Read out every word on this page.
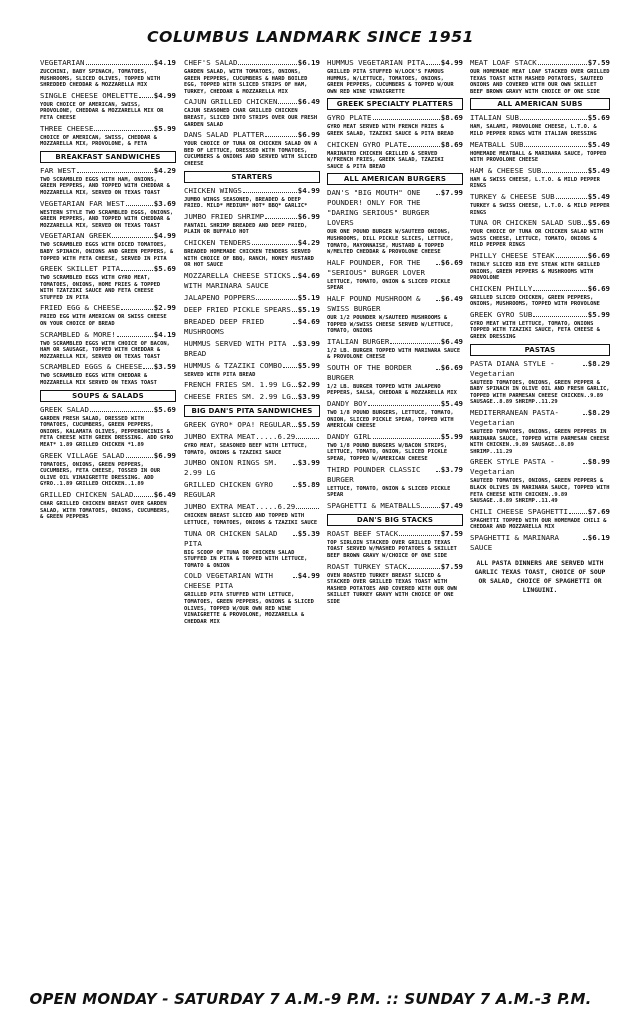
COLUMBUS LANDMARK SINCE 1951
VEGETARIAN	$4.19
ZUCCHINI, BABY SPINACH, TOMATOES, MUSHROOMS, SLICED OLIVES, TOPPED WITH SHREDDED CHEDDAR & MOZZARELLA MIX
SINGLE CHEESE OMELETTE $4.99
YOUR CHOICE OF AMERICAN, SWISS, PROVOLONE, CHEDDAR & MOZZARELLA MIX OR FETA CHEESE
THREE CHEESE	$5.99
CHOICE OF AMERICAN, SWISS, CHEDDAR & MOZZARELLA MIX, PROVOLONE, & FETA
BREAKFAST SANDWICHES
FAR WEST	$4.29
TWO SCRAMBLED EGGS WITH HAM, ONIONS, GREEN PEPPERS, AND TOPPED WITH CHEDDAR & MOZZARELLA MIX, SERVED ON TEXAS TOAST
VEGETARIAN FAR WEST	$3.69
WESTERN STYLE TWO SCRAMBLED EGGS, ONIONS, GREEN PEPPERS, AND TOPPED WITH CHEDDAR & MOZZARELLA MIX, SERVED ON TEXAS TOAST
VEGETARIAN GREEK	$4.99
TWO SCRAMBLED EGGS WITH DICED TOMATOES, BABY SPINACH, ONIONS AND GREEN PEPPERS, & TOPPED WITH FETA CHEESE, SERVED IN PITA
GREEK SKILLET PITA	$5.69
TWO SCRAMBLED EGGS WITH GYRO MEAT, TOMATOES, ONIONS, HOME FRIES & TOPPED WITH TZATZIKI SAUCE AND FETA CHEESE STUFFED IN PITA
FRIED EGG & CHEESE	$2.99
FRIED EGG WITH AMERICAN OR SWISS CHEESE ON YOUR CHOICE OF BREAD
SCRAMBLED & MORE!	$4.19
TWO SCRAMBLED EGGS WITH CHOICE OF BACON, HAM OR SAUSAGE, TOPPED WITH CHEDDAR & MOZZARELLA MIX, SERVED ON TEXAS TOAST
SCRAMBLED EGGS & CHEESE $3.59
TWO SCRAMBLED EGGS WITH CHEDDAR & MOZZARELLA MIX SERVED ON TEXAS TOAST
SOUPS & SALADS
GREEK SALAD	$5.69
GARDEN FRESH SALAD, DRESSED WITH TOMATOES, CUCUMBERS, GREEN PEPPERS, ONIONS, KALAMATA OLIVES, PEPPERONCINIS & FETA CHEESE WITH GREEK DRESSING. ADD GYRO MEAT* 1.89 GRILLED CHICKEN *1.89
GREEK VILLAGE SALAD	$6.99
TOMATOES, ONIONS, GREEN PEPPERS, CUCUMBERS, FETA CHEESE, TOSSED IN OUR OLIVE OIL VINAIGRETTE DRESSING. ADD GYRO..1.89 GRILLED CHICKEN..1.89
GRILLED CHICKEN SALAD	$6.49
CHAR GRILLED CHICKEN BREAST OVER GARDEN SALAD, WITH TOMATOES, ONIONS, CUCUMBERS, & GREEN PEPPERS
CHEF'S SALAD	$6.19
GARDEN SALAD, WITH TOMATOES, ONIONS, GREEN PEPPERS, CUCUMBERS & HARD BOILED EGG, TOPPED WITH SLICED STRIPS OF HAM, TURKEY, CHEDDAR & MOZZARELLA MIX
CAJUN GRILLED CHICKEN	$6.49
CAJUN SEASONED CHAR GRILLED CHICKEN BREAST, SLICED INTO STRIPS OVER OUR FRESH GARDEN SALAD
DANS SALAD PLATTER	$6.99
YOUR CHOICE OF TUNA OR CHICKEN SALAD ON A BED OF LETTUCE, DRESSED WITH TOMATOES, CUCUMBERS & ONIONS AND SERVED WITH SLICED CHEESE
STARTERS
CHICKEN WINGS	$4.99
JUMBO WINGS SEASONED, BREADED & DEEP FRIED. MILD* MEDIUM* HOT* BBQ* GARLIC*
JUMBO FRIED SHRIMP	$6.99
FANTAIL SHRIMP BREADED AND DEEP FRIED, PLAIN OR BUFFALO HOT
CHICKEN TENDERS	$4.29
BREADED HOMEMADE CHICKEN TENDERS SERVED WITH CHOICE OF BBQ, RANCH, HONEY MUSTARD OR HOT SAUCE
MOZZARELLA CHEESE STICKS WITH MARINARA SAUCE
$4.69
JALAPENO POPPERS	$5.19
DEEP FRIED PICKLE SPEARS $5.19
BREADED DEEP FRIED MUSHROOMS
$4.69
HUMMUS SERVED WITH PITA BREAD
$3.99
HUMMUS & TZAZIKI COMBO $5.99
SERVED WITH PITA BREAD
FRENCH FRIES SM. 1.99 LG $2.99
CHEESE FRIES SM. 2.99 LG $3.99
BIG DAN'S PITA SANDWICHES
GREEK GYRO* OPA! REGULAR $5.59
JUMBO EXTRA MEAT.....6.29
GYRO MEAT, SEASONED BEEF WITH LETTUCE, TOMATO, ONIONS & TZAZIKI SAUCE
JUMBO ONION RINGS SM. 2.99 LG
$3.99
GRILLED CHICKEN GYRO REGULAR
$5.89
JUMBO EXTRA MEAT.....6.29
CHICKEN BREAST SLICED AND TOPPED WITH LETTUCE, TOMATOES, ONIONS & TZAZIKI SAUCE
TUNA OR CHICKEN SALAD PITA
$5.39
BIG SCOOP OF TUNA OR CHICKEN SALAD STUFFED IN PITA & TOPPED WITH LETTUCE, TOMATO & ONION
COLD VEGETARIAN WITH CHEESE PITA
$4.99
GRILLED PITA STUFFED WITH LETTUCE, TOMATOES, GREEN PEPPERS, ONIONS & SLICED OLIVES, TOPPED W/OUR OWN RED WINE VINAIGRETTE & PROVOLONE, MOZZARELLA & CHEDDAR MIX
HUMMUS VEGETARIAN PITA $4.99
GRILLED PITA STUFFED W/LOCK'S FAMOUS HUMMUS, W/LETTUCE, TOMATOES, ONIONS, GREEN PEPPERS, CUCUMBERS & TOPPED W/OUR OWN RED WINE VINAIGRETTE
GREEK SPECIALTY PLATTERS
GYRO PLATE	$8.69
GYRO MEAT SERVED WITH FRENCH FRIES & GREEK SALAD, TZAZIKI SAUCE & PITA BREAD
CHICKEN GYRO PLATE	$8.69
MARINATED CHICKEN GRILLED & SERVED W/FRENCH FRIES, GREEK SALAD, TZAZIKI SAUCE & PITA BREAD
ALL AMERICAN BURGERS
DAN'S "BIG MOUTH" ONE POUNDER! ONLY FOR THE "DARING SERIOUS" BURGER LOVERS
$7.99
OUR ONE POUND BURGER W/SAUTEED ONIONS, MUSHROOMS, DILL PICKLE SLICES, LETTUCE, TOMATO, MAYONNAISE, MUSTARD & TOPPED W/MELTED CHEDDAR & PROVOLONE CHEESE
HALF POUNDER, FOR THE "SERIOUS" BURGER LOVER
$6.69
LETTUCE, TOMATO, ONION & SLICED PICKLE SPEAR
HALF POUND MUSHROOM & SWISS BURGER
$6.49
OUR 1/2 POUNDER W/SAUTEED MUSHROOMS & TOPPED W/SWISS CHEESE SERVED W/LETTUCE, TOMATO, ONIONS
ITALIAN BURGER	$6.49
1/2 LB. BURGER TOPPED WITH MARINARA SAUCE & PROVOLONE CHEESE
SOUTH OF THE BORDER BURGER
$6.69
1/2 LB. BURGER TOPPED WITH JALAPENO PEPPERS, SALSA, CHEDDAR & MOZZARELLA MIX
DANDY BOY	$5.49
TWO 1/8 POUND BURGERS, LETTUCE, TOMATO, ONION, SLICED PICKLE SPEAR, TOPPED WITH AMERICAN CHEESE
DANDY GIRL	$5.99
TWO 1/8 POUND BURGERS W/BACON STRIPS, LETTUCE, TOMATO, ONION, SLICED PICKLE SPEAR, TOPPED W/AMERICAN CHEESE
THIRD POUNDER CLASSIC BURGER
$3.79
LETTUCE, TOMATO, ONION & SLICED PICKLE SPEAR
SPAGHETTI & MEATBALLS	$7.49
DAN'S BIG STACKS
ROAST BEEF STACK	$7.59
TOP SIRLOIN STACKED OVER GRILLED TEXAS TOAST SERVED W/MASHED POTATOES & SKILLET BEEF BROWN GRAVY W/CHOICE OF ONE SIDE
ROAST TURKEY STACK	$7.59
OVEN ROASTED TURKEY BREAST SLICED & STACKED OVER GRILLED TEXAS TOAST WITH MASHED POTATOES AND COVERED WITH OUR OWN SKILLET TURKEY GRAVY WITH CHOICE OF ONE SIDE
MEAT LOAF STACK	$7.59
OUR HOMEMADE MEAT LOAF STACKED OVER GRILLED TEXAS TOAST WITH MASHED POTATOES, SAUTEED ONIONS AND COVERED WITH OUR OWN SKILLET BEEF BROWN GRAVY WITH CHOICE OF ONE SIDE
ALL AMERICAN SUBS
ITALIAN SUB	$5.69
HAM, SALAMI, PROVOLONE CHEESE, L.T.O. & MILD PEPPER RINGS WITH ITALIAN DRESSING
MEATBALL SUB	$5.49
HOMEMADE MEATBALL & MARINARA SAUCE, TOPPED WITH PROVOLONE CHEESE
HAM & CHEESE SUB	$5.49
HAM & SWISS CHEESE, L.T.O. & MILD PEPPER RINGS
TURKEY & CHEESE SUB	$5.49
TURKEY & SWISS CHEESE, L.T.O. & MILD PEPPER RINGS
TUNA OR CHICKEN SALAD SUB $5.69
YOUR CHOICE OF TUNA OR CHICKEN SALAD WITH SWISS CHEESE, LETTUCE, TOMATO, ONIONS & MILD PEPPER RINGS
PHILLY CHEESE STEAK	$6.69
THINLY SLICED RIB EYE STEAK WITH GRILLED ONIONS, GREEN PEPPERS & MUSHROOMS WITH PROVOLONE
CHICKEN PHILLY	$6.69
GRILLED SLICED CHICKEN, GREEN PEPPERS, ONIONS, MUSHROOMS, TOPPED WITH PROVOLONE
GREEK GYRO SUB	$5.99
GYRO MEAT WITH LETTUCE, TOMATO, ONIONS TOPPED WITH TZAZIKI SAUCE, FETA CHEESE & GREEK DRESSING
PASTAS
PASTA DIANA STYLE - Vegetarian
$8.29
SAUTEED TOMATOES, ONIONS, GREEN PEPPER & BABY SPINACH IN OLIVE OIL AND FRESH GARLIC, TOPPED WITH PARMESAN CHEESE CHICKEN..9.89 SAUSAGE..8.89 SHRIMP..11.29
MEDITERRANEAN PASTA-Vegetarian
$8.29
SAUTEED TOMATOES, ONIONS, GREEN PEPPERS IN MARINARA SAUCE, TOPPED WITH PARMESAN CHEESE WITH CHICKEN..9.89 SAUSAGE..8.89 SHRIMP..11.29
GREEK STYLE PASTA -Vegetarian
$8.99
SAUTEED TOMATOES, ONIONS, GREEN PEPPERS & BLACK OLIVES IN MARINARA SAUCE, TOPPED WITH FETA CHEESE WITH CHICKEN..9.89 SAUSAGE..8.89 SHRIMP..11.49
CHILI CHEESE SPAGHETTI	$7.69
SPAGHETTI TOPPED WITH OUR HOMEMADE CHILI & CHEDDAR AND MOZZARELLA MIX
SPAGHETTI & MARINARA SAUCE
$6.19
ALL PASTA DINNERS ARE SERVED WITH GARLIC TEXAS TOAST, CHOICE OF SOUP OR SALAD, CHOICE OF SPAGHETTI OR LINGUINI.
OPEN MONDAY - SATURDAY 7 A.M.-9 P.M. :: SUNDAY 7 A.M.-3 P.M.
